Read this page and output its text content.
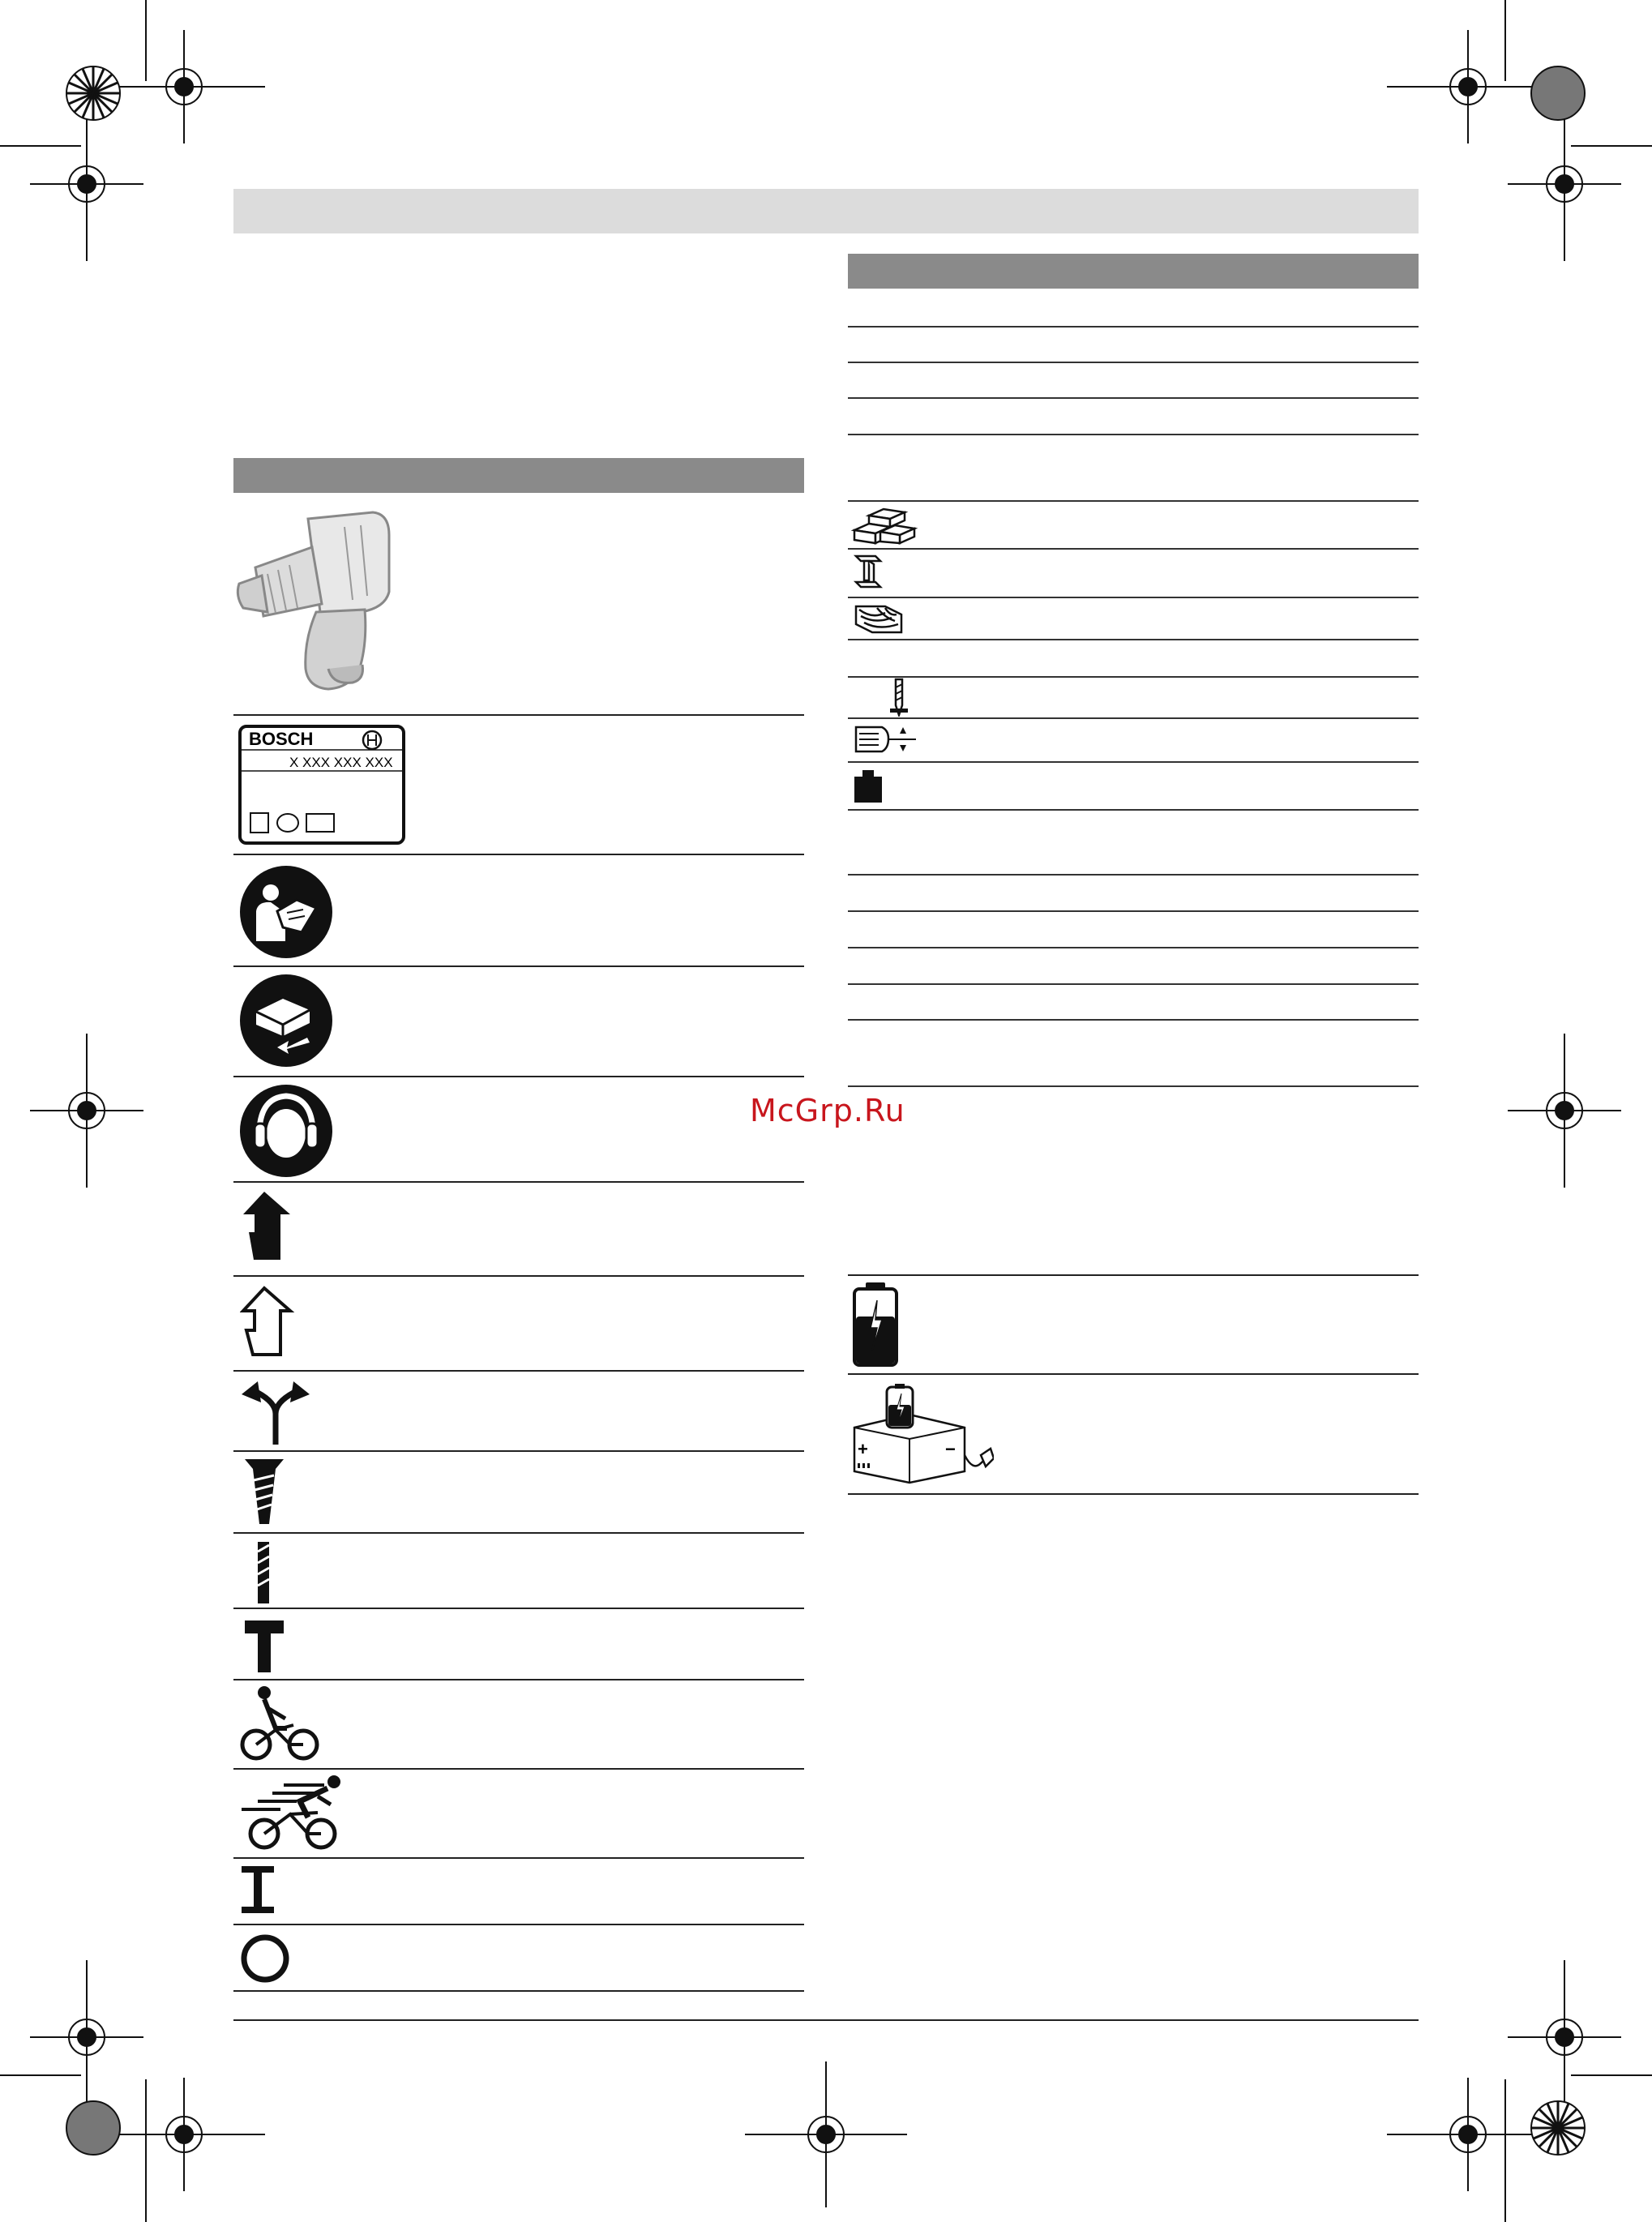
McGrp.Ru
BOSCH
X XXX XXX XXX
+	−
